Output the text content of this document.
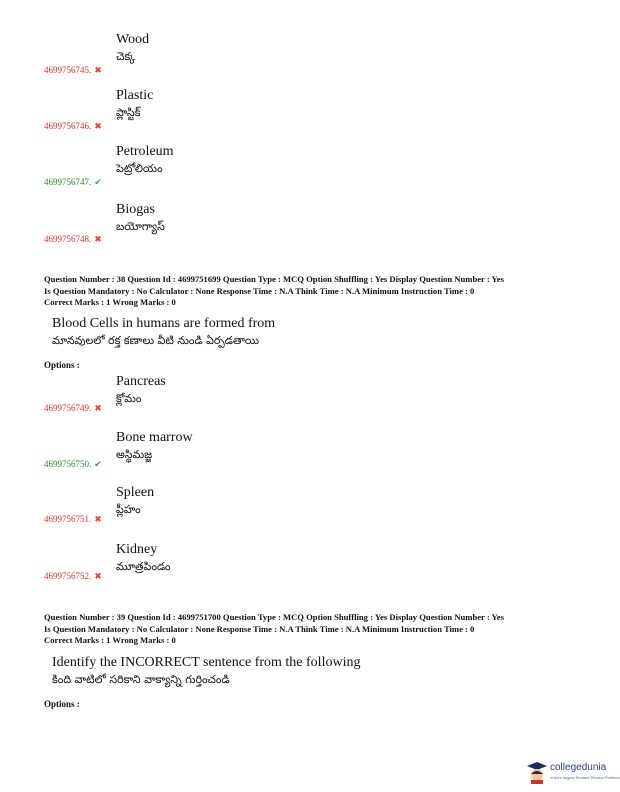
Wood
చెక్క
4699756745. ✖
Plastic
ప్లాస్టిక్
4699756746. ✖
Petroleum
పెట్రోలియం
4699756747. ✔
Biogas
బయోగ్యాస్
4699756748. ✖
Question Number : 38 Question Id : 4699751699 Question Type : MCQ Option Shuffling : Yes Display Question Number : Yes
Is Question Mandatory : No Calculator : None Response Time : N.A Think Time : N.A Minimum Instruction Time : 0
Correct Marks : 1 Wrong Marks : 0
Blood Cells in humans are formed from
మానవులలో రక్త కణాలు వీటి నుండి ఏర్పడతాయి
Options :
Pancreas
క్లోమం
4699756749. ✖
Bone marrow
అస్థిమజ్జ
4699756750. ✔
Spleen
ప్లీహం
4699756751. ✖
Kidney
మూత్రపిండం
4699756752. ✖
Question Number : 39 Question Id : 4699751700 Question Type : MCQ Option Shuffling : Yes Display Question Number : Yes
Is Question Mandatory : No Calculator : None Response Time : N.A Think Time : N.A Minimum Instruction Time : 0
Correct Marks : 1 Wrong Marks : 0
Identify the INCORRECT sentence from the following
కింది వాటిలో సరికాని వాక్యాన్ని గుర్తించండి
Options :
collegedunia
India's largest Student Review Platform
